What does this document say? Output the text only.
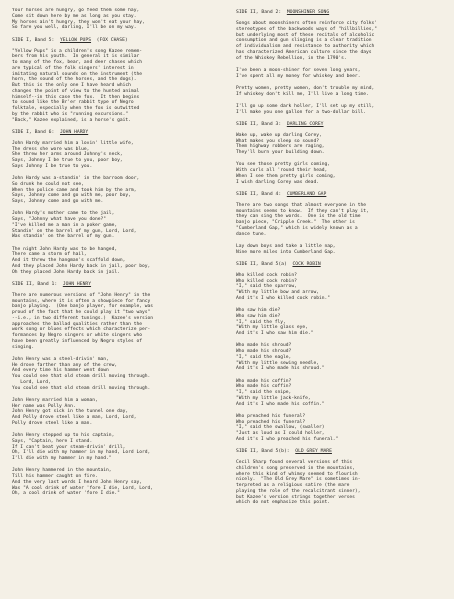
Your horses are hungry, go feed them some hay,

Come sit down here by me as long as you stay.

My horses ain't hungry, they won't eat your hay,

So fare you well, darling, I'll be on my way.

SIDE I, Band 5:  YELLOW PUPS  (FOX CHASE)

"Yellow Pups" is a children's song Kazee remem-

bers from his youth.  In general it is similar

to many of the fox, bear, and deer chases which

are typical of the folk singers' interest in

imitating natural sounds on the instrument (the

horn, the sound of the horses, and the dogs).

But this is the only one I have heard which

changes the point of view to the hunted animal

himself--in this case the fox.  It then begins

to sound like the Br'er rabbit type of Negro

folktale, especially when the fox is outwitted

by the rabbit who is "running excursions."

"Back," Kazee explained, is a horse's gait.

SIDE I, Band 6:  JOHN HARDY

John Hardy married him a lovin' little wife,

The dress she wore was blue,

She threw her arms around Johnny's neck,

Says, Johnny I be true to you, poor boy,

Says Johnny I be true to you.

John Hardy was a-standin' in the barroom door,

So drunk he could not see,

When the police came and took him by the arm,

Says, Johnny come and go with me, poor boy,

Says, Johnny come and go with me.

John Hardy's mother came to the jail,

Says, "Johnny what have you done?"

"I've killed me a man in a poker game,

Standin' on the barrel of my gun, Lord, Lord,

Was standin' on the barrel of my gun.

The night John Hardy was to be hanged,

There came a storm of hail,

And it threw the hangman's scaffold down,

And they placed John Hardy back in jail, poor boy,

Oh they placed John Hardy back in jail.

SIDE II, Band 1:  JOHN HENRY

There are numerous versions of "John Henry" in the

mountains, where it is often a showpiece for fancy

banjo playing.  (One banjo player, for example, was

proud of the fact that he could play it "two ways"

--i.e., in two different tunings.)  Kazee's version

approaches the ballad qualities rather than the

work song or blues effects which characterize per-

formances by Negro singers or white singers who

have been greatly influenced by Negro styles of

singing.

John Henry was a steel-drivin' man,

He drove farther than any of the crew,

And every time his hammer went down

You could see that old steam drill moving through.

Lord, Lord,

You could see that old steam drill moving through.

John Henry married him a woman,

Her name was Polly Ann.

John Henry got sick in the tunnel one day,

And Polly drove steel like a man, Lord, Lord,

Polly drove steel like a man.

John Henry stepped up to his captain,

Says, "Captain, here I stand.

If I can't beat your steam-drivin' drill,

Oh, I'll die with my hammer in my hand, Lord Lord,

I'll die with my hammer in my hand."

John Henry hammered in the mountain,

Till his hammer caught on fire.

And the very last words I heard John Henry say,

Was "A cool drink of water 'fore I die, Lord, Lord,

Oh, a cool drink of water 'fore I die."

SIDE II, Band 2:  MOONSHINER SONG

Songs about moonshiners often reinforce city folks'

stereotypes of the backwoods ways of "hillbillies,"

but underlying most of these recitals of alcoholic

consumption and gun slinging is a clear tradition

of individualism and resistance to authority which

has characterized American culture since the days

of the Whiskey Rebellion, in the 1790's.

I've been a moon-shiner for seven long years,

I've spent all my money for whiskey and beer.

Pretty women, pretty women, don't trouble my mind,

If whiskey don't kill me, I'll live a long time.

I'll go up some dark holler, I'll set up my still,

I'll make you one gallon for a two-dollar bill.

SIDE II, Band 3:  DARLING COREY

Wake up, wake up darling Corey,

What makes you sleep so sound?

Them highway robbers are raging,

They'll burn your building down.

You see those pretty girls coming,

With curls all 'round their head,

When I see them pretty girls coming,

I wish darling Corey was dead.

SIDE II, Band 4:  CUMBERLAND GAP

There are two songs that almost everyone in the

mountains seems to know.  If they can't play it,

they can sing the words.  One is the old time

banjo piece, "Cripple Creek."  The other is

"Cumberland Gap," which is widely known as a

dance tune.

Lay down boys and take a little nap,

Nine more miles into Cumberland Gap.

SIDE II, Band 5(a)  COCK ROBIN

Who killed cock robin?

Who killed cock robin?

"I," said the sparrow,

"With my little bow and arrow,

And it's I who killed cock robin."

Who saw him die?

Who saw him die?

"I," said the fly,

"With my little glass eye,

And it's I who saw him die."

Who made his shroud?

Who made his shroud?

"I," said the eagle,

"With my little sewing needle,

And it's I who made his shroud."

Who made his coffin?

Who made his coffin?

"I," said the snipe,

"With my little jack-knife,

And it's I who made his coffin."

Who preached his funeral?

Who preached his funeral?

"I," said the swallow, (swaller)

"Just as loud as I could holler,

And it's I who preached his funeral."

SIDE II, Band 5(b):  OLD GREY MARE

Cecil Sharp found several versions of this

children's song preserved in the mountains,

where this kind of whimsy seemed to flourish

nicely.  "The Old Grey Mare" is sometimes in-

terpreted as a religious satire (the mare

playing the role of the recalcitrant sinner),

but Kazee's version strings together verses

which do not emphasize this point.
